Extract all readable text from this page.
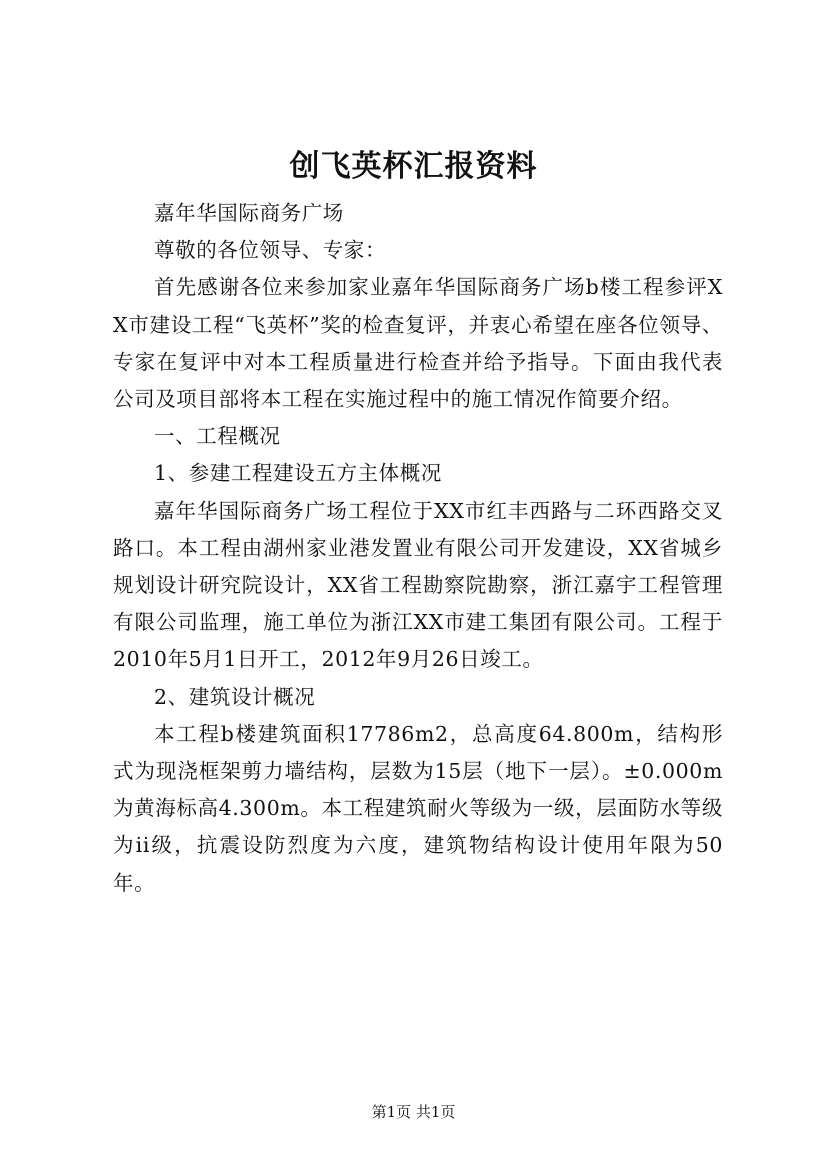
创飞英杯汇报资料

嘉年华国际商务广场

尊敬的各位领导、专家：

首先感谢各位来参加家业嘉年华国际商务广场b楼工程参评XX市建设工程“飞英杯”奖的检查复评，并衷心希望在座各位领导、专家在复评中对本工程质量进行检查并给予指导。下面由我代表公司及项目部将本工程在实施过程中的施工情况作简要介绍。

一、工程概况

1、参建工程建设五方主体概况

嘉年华国际商务广场工程位于XX市红丰西路与二环西路交叉路口。本工程由湖州家业港发置业有限公司开发建设，XX省城乡规划设计研究院设计，XX省工程勘察院勘察，浙江嘉宇工程管理有限公司监理，施工单位为浙江XX市建工集团有限公司。工程于2010年5月1日开工，2012年9月26日竣工。

2、建筑设计概况

本工程b楼建筑面积17786m2，总高度64.800m，结构形式为现浇框架剪力墙结构，层数为15层（地下一层）。±0.000m为黄海标高4.300m。本工程建筑耐火等级为一级，层面防水等级为ii级，抗震设防烈度为六度，建筑物结构设计使用年限为50年。

第1页 共1页
